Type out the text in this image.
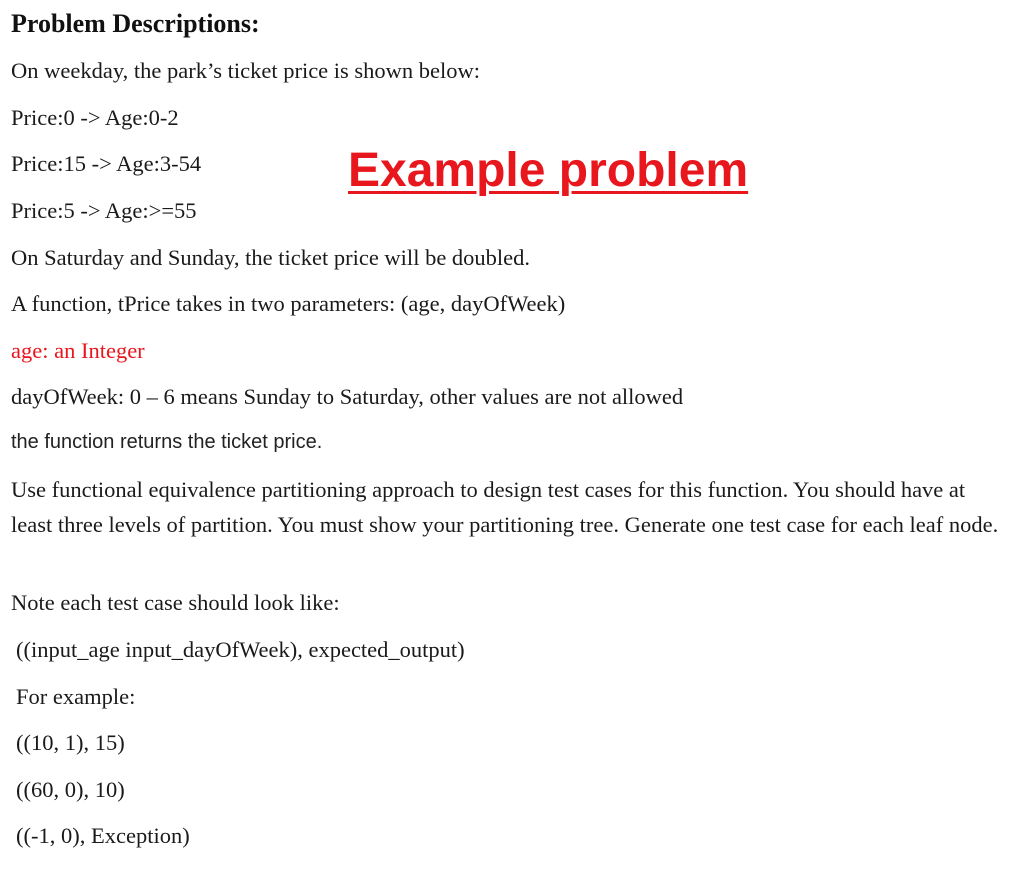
Problem Descriptions:

On weekday, the park’s ticket price is shown below:

Price:0 -> Age:0-2

Price:15 -> Age:3-54

Price:5 -> Age:>=55

On Saturday and Sunday, the ticket price will be doubled.

A function, tPrice takes in two parameters: (age, dayOfWeek)

age: an Integer

dayOfWeek: 0 – 6 means Sunday to Saturday, other values are not allowed

the function returns the ticket price.

Use functional equivalence partitioning approach to design test cases for this function. You should have at least three levels of partition. You must show your partitioning tree. Generate one test case for each leaf node.

Note each test case should look like:

((input_age input_dayOfWeek), expected_output)

For example:

((10, 1), 15)

((60, 0), 10)

((-1, 0), Exception)

Example problem
